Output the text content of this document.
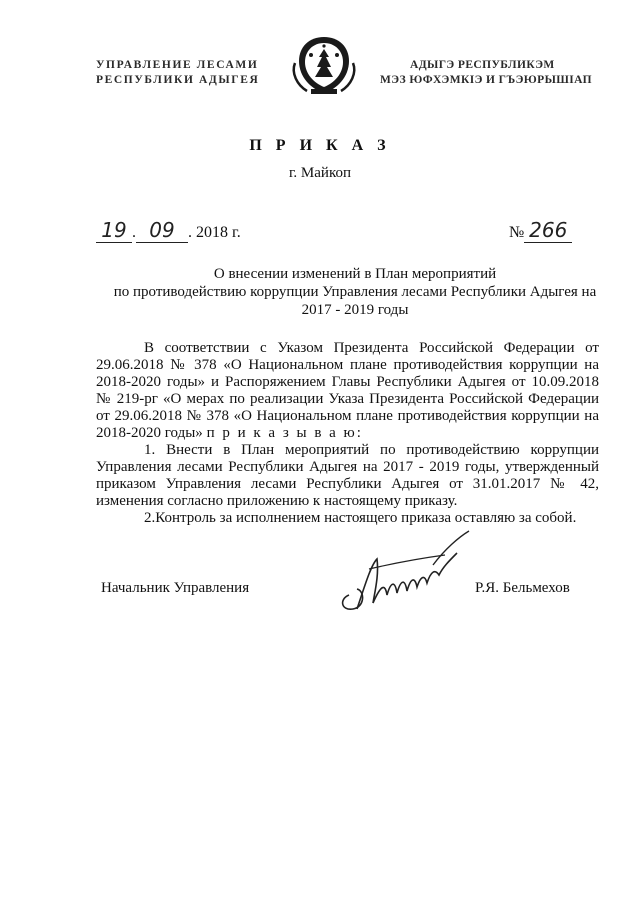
УПРАВЛЕНИЕ ЛЕСАМИ
РЕСПУБЛИКИ АДЫГЕЯ
АДЫГЭ РЕСПУБЛИКЭМ
МЭЗ ЮФХЭМКІЭ И ГЪЭЮРЫШІАП
П Р И К А З
г. Майкоп
19 . 09 . 2018 г.	№ 266
О внесении изменений в План мероприятий
по противодействию коррупции Управления лесами Республики Адыгея на
2017 - 2019 годы

В соответствии с Указом Президента Российской Федерации от 29.06.2018 № 378 «О Национальном плане противодействия коррупции на 2018-2020 годы» и Распоряжением Главы Республики Адыгея от 10.09.2018 № 219-рг «О мерах по реализации Указа Президента Российской Федерации от 29.06.2018 № 378 «О Национальном плане противодействия коррупции на 2018-2020 годы» п р и к а з ы в а ю:

1. Внести в План мероприятий по противодействию коррупции Управления лесами Республики Адыгея на 2017 - 2019 годы, утвержденный приказом Управления лесами Республики Адыгея от 31.01.2017 № 42, изменения согласно приложению к настоящему приказу.

2.Контроль за исполнением настоящего приказа оставляю за собой.

Начальник Управления	Р.Я. Бельмехов
